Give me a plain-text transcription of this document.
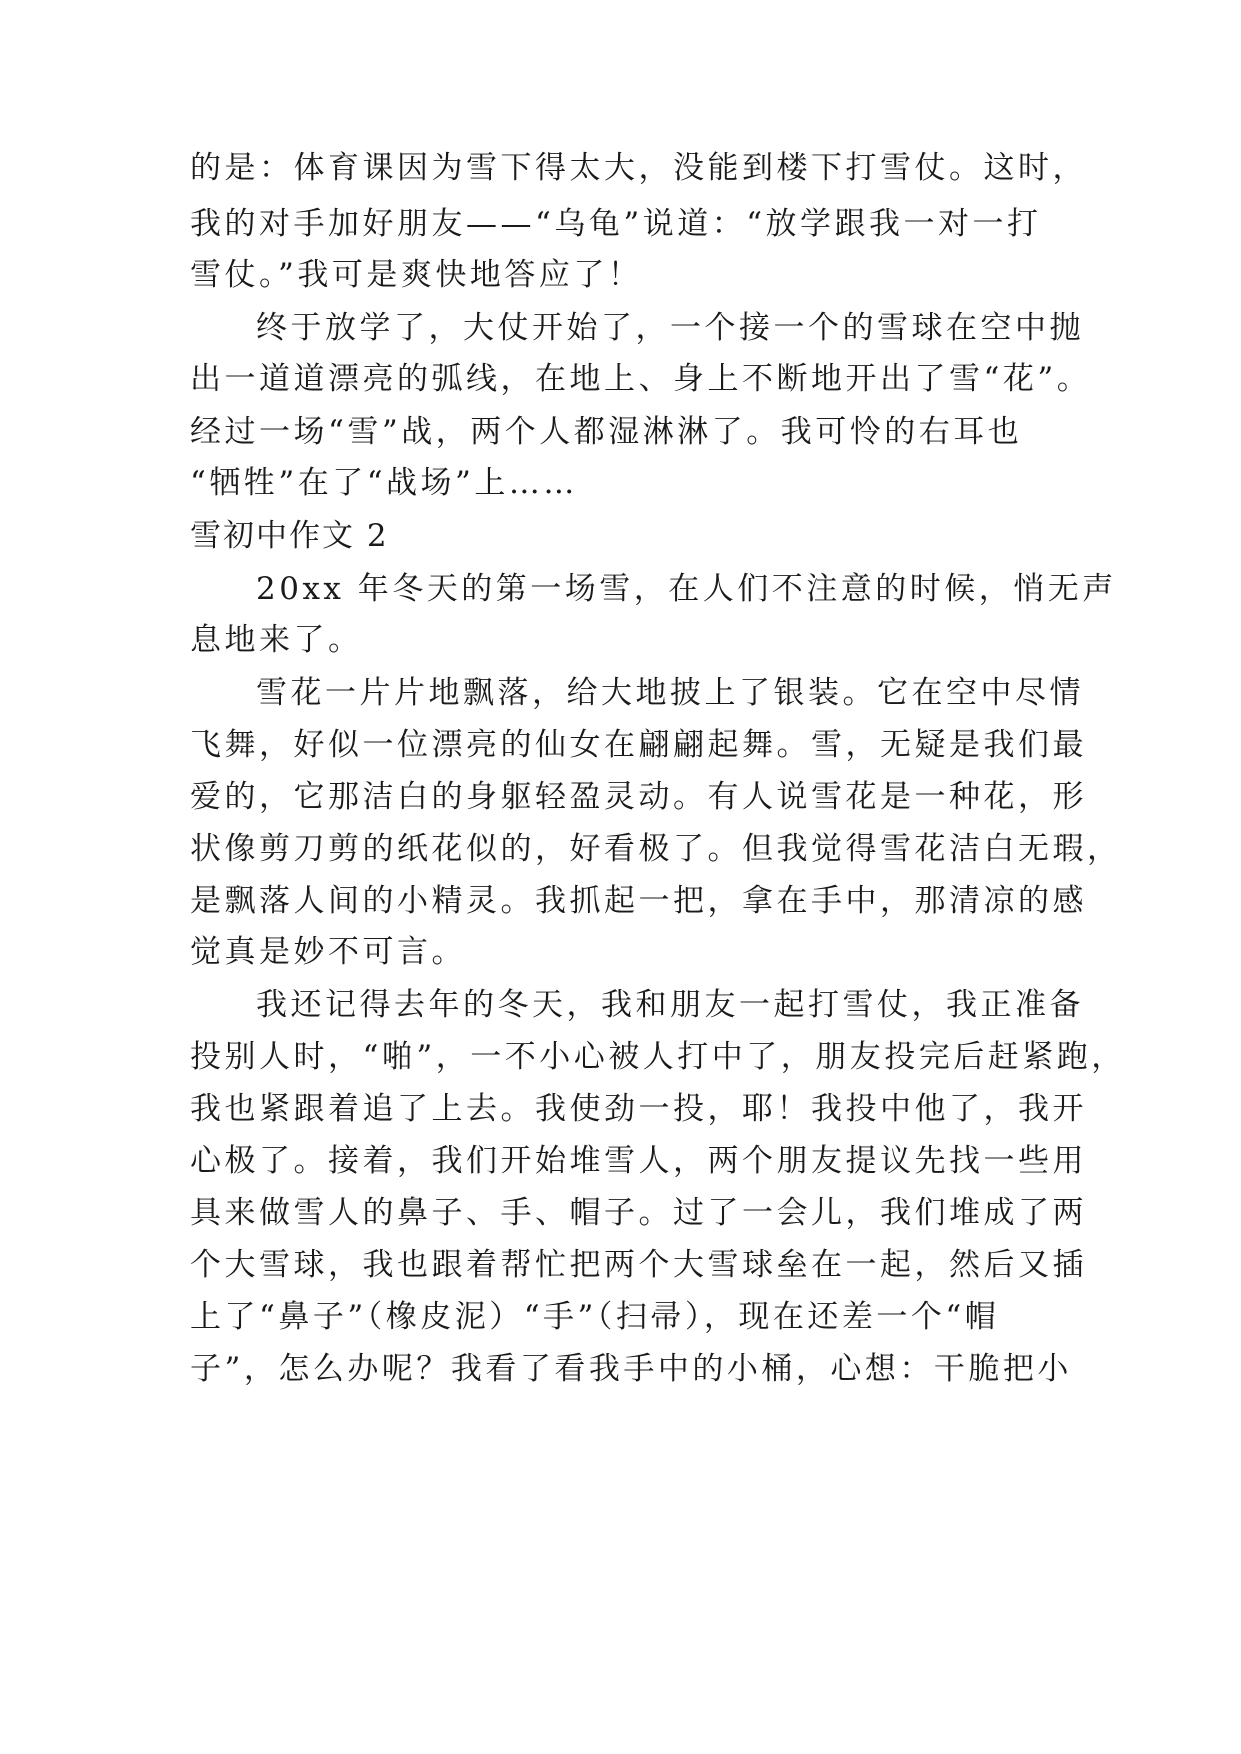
的是：体育课因为雪下得太大，没能到楼下打雪仗。这时，
我的对手加好朋友——“乌龟”说道：“放学跟我一对一打
雪仗。”我可是爽快地答应了！
终于放学了，大仗开始了，一个接一个的雪球在空中抛
出一道道漂亮的弧线，在地上、身上不断地开出了雪“花”。
经过一场“雪”战，两个人都湿淋淋了。我可怜的右耳也
“牺牲”在了“战场”上……
雪初中作文 2
20xx 年冬天的第一场雪，在人们不注意的时候，悄无声
息地来了。
雪花一片片地飘落，给大地披上了银装。它在空中尽情
飞舞，好似一位漂亮的仙女在翩翩起舞。雪，无疑是我们最
爱的，它那洁白的身躯轻盈灵动。有人说雪花是一种花，形
状像剪刀剪的纸花似的，好看极了。但我觉得雪花洁白无瑕，
是飘落人间的小精灵。我抓起一把，拿在手中，那清凉的感
觉真是妙不可言。
我还记得去年的冬天，我和朋友一起打雪仗，我正准备
投别人时，“啪”，一不小心被人打中了，朋友投完后赶紧跑，
我也紧跟着追了上去。我使劲一投，耶！我投中他了，我开
心极了。接着，我们开始堆雪人，两个朋友提议先找一些用
具来做雪人的鼻子、手、帽子。过了一会儿，我们堆成了两
个大雪球，我也跟着帮忙把两个大雪球垒在一起，然后又插
上了“鼻子”（橡皮泥）“手”（扫帚），现在还差一个“帽
子”，怎么办呢？我看了看我手中的小桶，心想：干脆把小
